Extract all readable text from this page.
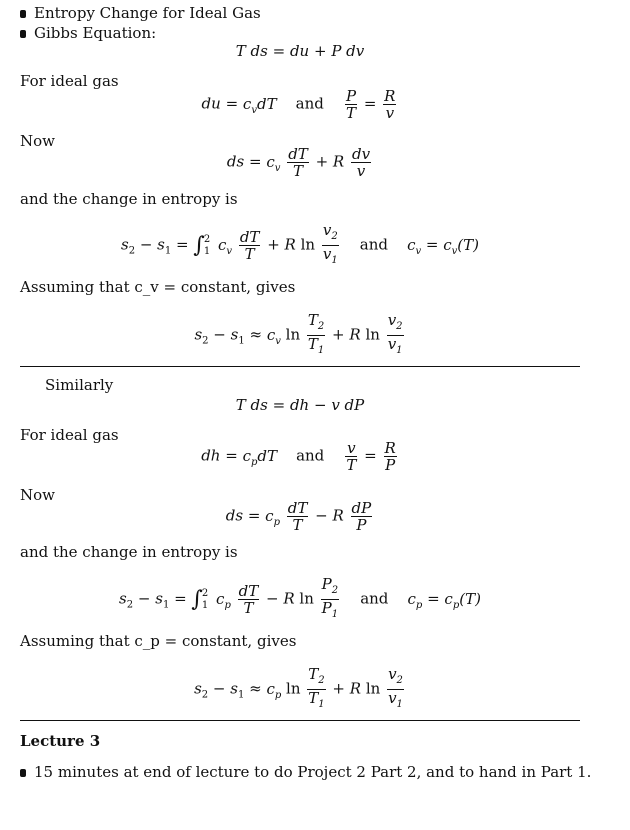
Entropy Change for Ideal Gas
Gibbs Equation:
T ds = du + P dv
For ideal gas
du = $c_vdT$ and $\frac{P}{T} = \frac{R}{v}$
Now
ds = $c_v \frac{dT}{T} + R \frac{dv}{v}$
and the change in entropy is
$s_2 - s_1$ = ∫ 2
1 $c_v \frac{dT}{T} + R$ $\ln \frac{v_2}{v_1}$ and    $c_v = c_v(T)$
Assuming that c_v = constant, gives
$s_2 - s_1 \approx c_v$ $\ln \frac{T_2}{T_1} + R$ $\ln \frac{v_2}{v_1}$
Similarly
T ds = dh − v dP
For ideal gas
dh = $c_pdT$ and $\frac{v}{T} = \frac{R}{P}$
Now
ds = $c_p \frac{dT}{T} - R \frac{dP}{P}$
and the change in entropy is
$s_2 - s_1$ = ∫ 2
1 $c_p \frac{dT}{T} - R$ $\ln \frac{P_2}{P_1}$ and    $c_p = c_p(T)$
Assuming that c_p = constant, gives
$s_2 - s_1 \approx c_p$ $\ln \frac{T_2}{T_1} + R$ $\ln \frac{v_2}{v_1}$
Lecture 3
15 minutes at end of lecture to do Project 2 Part 2, and to hand in Part 1.
